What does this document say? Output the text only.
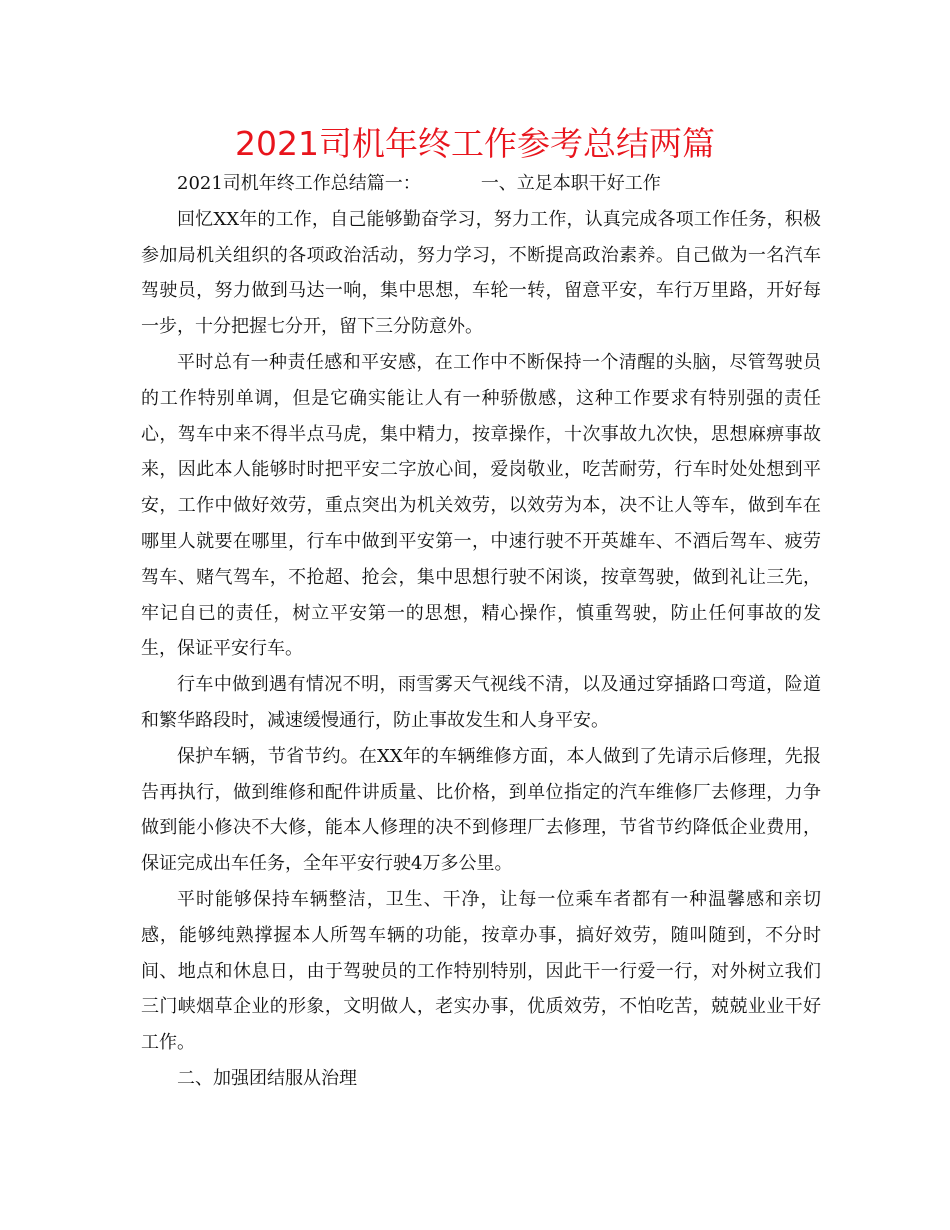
2021司机年终工作参考总结两篇

2021司机年终工作总结篇一：	一、立足本职干好工作

回忆XX年的工作，自己能够勤奋学习，努力工作，认真完成各项工作任务，积极参加局机关组织的各项政治活动，努力学习，不断提高政治素养。自己做为一名汽车驾驶员，努力做到马达一响，集中思想，车轮一转，留意平安，车行万里路，开好每一步，十分把握七分开，留下三分防意外。

平时总有一种责任感和平安感，在工作中不断保持一个清醒的头脑，尽管驾驶员的工作特别单调，但是它确实能让人有一种骄傲感，这种工作要求有特别强的责任心，驾车中来不得半点马虎，集中精力，按章操作，十次事故九次快，思想麻痹事故来，因此本人能够时时把平安二字放心间，爱岗敬业，吃苦耐劳，行车时处处想到平安，工作中做好效劳，重点突出为机关效劳，以效劳为本，决不让人等车，做到车在哪里人就要在哪里，行车中做到平安第一，中速行驶不开英雄车、不酒后驾车、疲劳驾车、赌气驾车，不抢超、抢会，集中思想行驶不闲谈，按章驾驶，做到礼让三先，牢记自已的责任，树立平安第一的思想，精心操作，慎重驾驶，防止任何事故的发生，保证平安行车。

行车中做到遇有情况不明，雨雪雾天气视线不清，以及通过穿插路口弯道，险道和繁华路段时，减速缓慢通行，防止事故发生和人身平安。

保护车辆，节省节约。在XX年的车辆维修方面，本人做到了先请示后修理，先报告再执行，做到维修和配件讲质量、比价格，到单位指定的汽车维修厂去修理，力争做到能小修决不大修，能本人修理的决不到修理厂去修理，节省节约降低企业费用，保证完成出车任务，全年平安行驶4万多公里。

平时能够保持车辆整洁，卫生、干净，让每一位乘车者都有一种温馨感和亲切感，能够纯熟撑握本人所驾车辆的功能，按章办事，搞好效劳，随叫随到，不分时间、地点和休息日，由于驾驶员的工作特别特别，因此干一行爱一行，对外树立我们三门峡烟草企业的形象，文明做人，老实办事，优质效劳，不怕吃苦，兢兢业业干好工作。

二、加强团结服从治理
